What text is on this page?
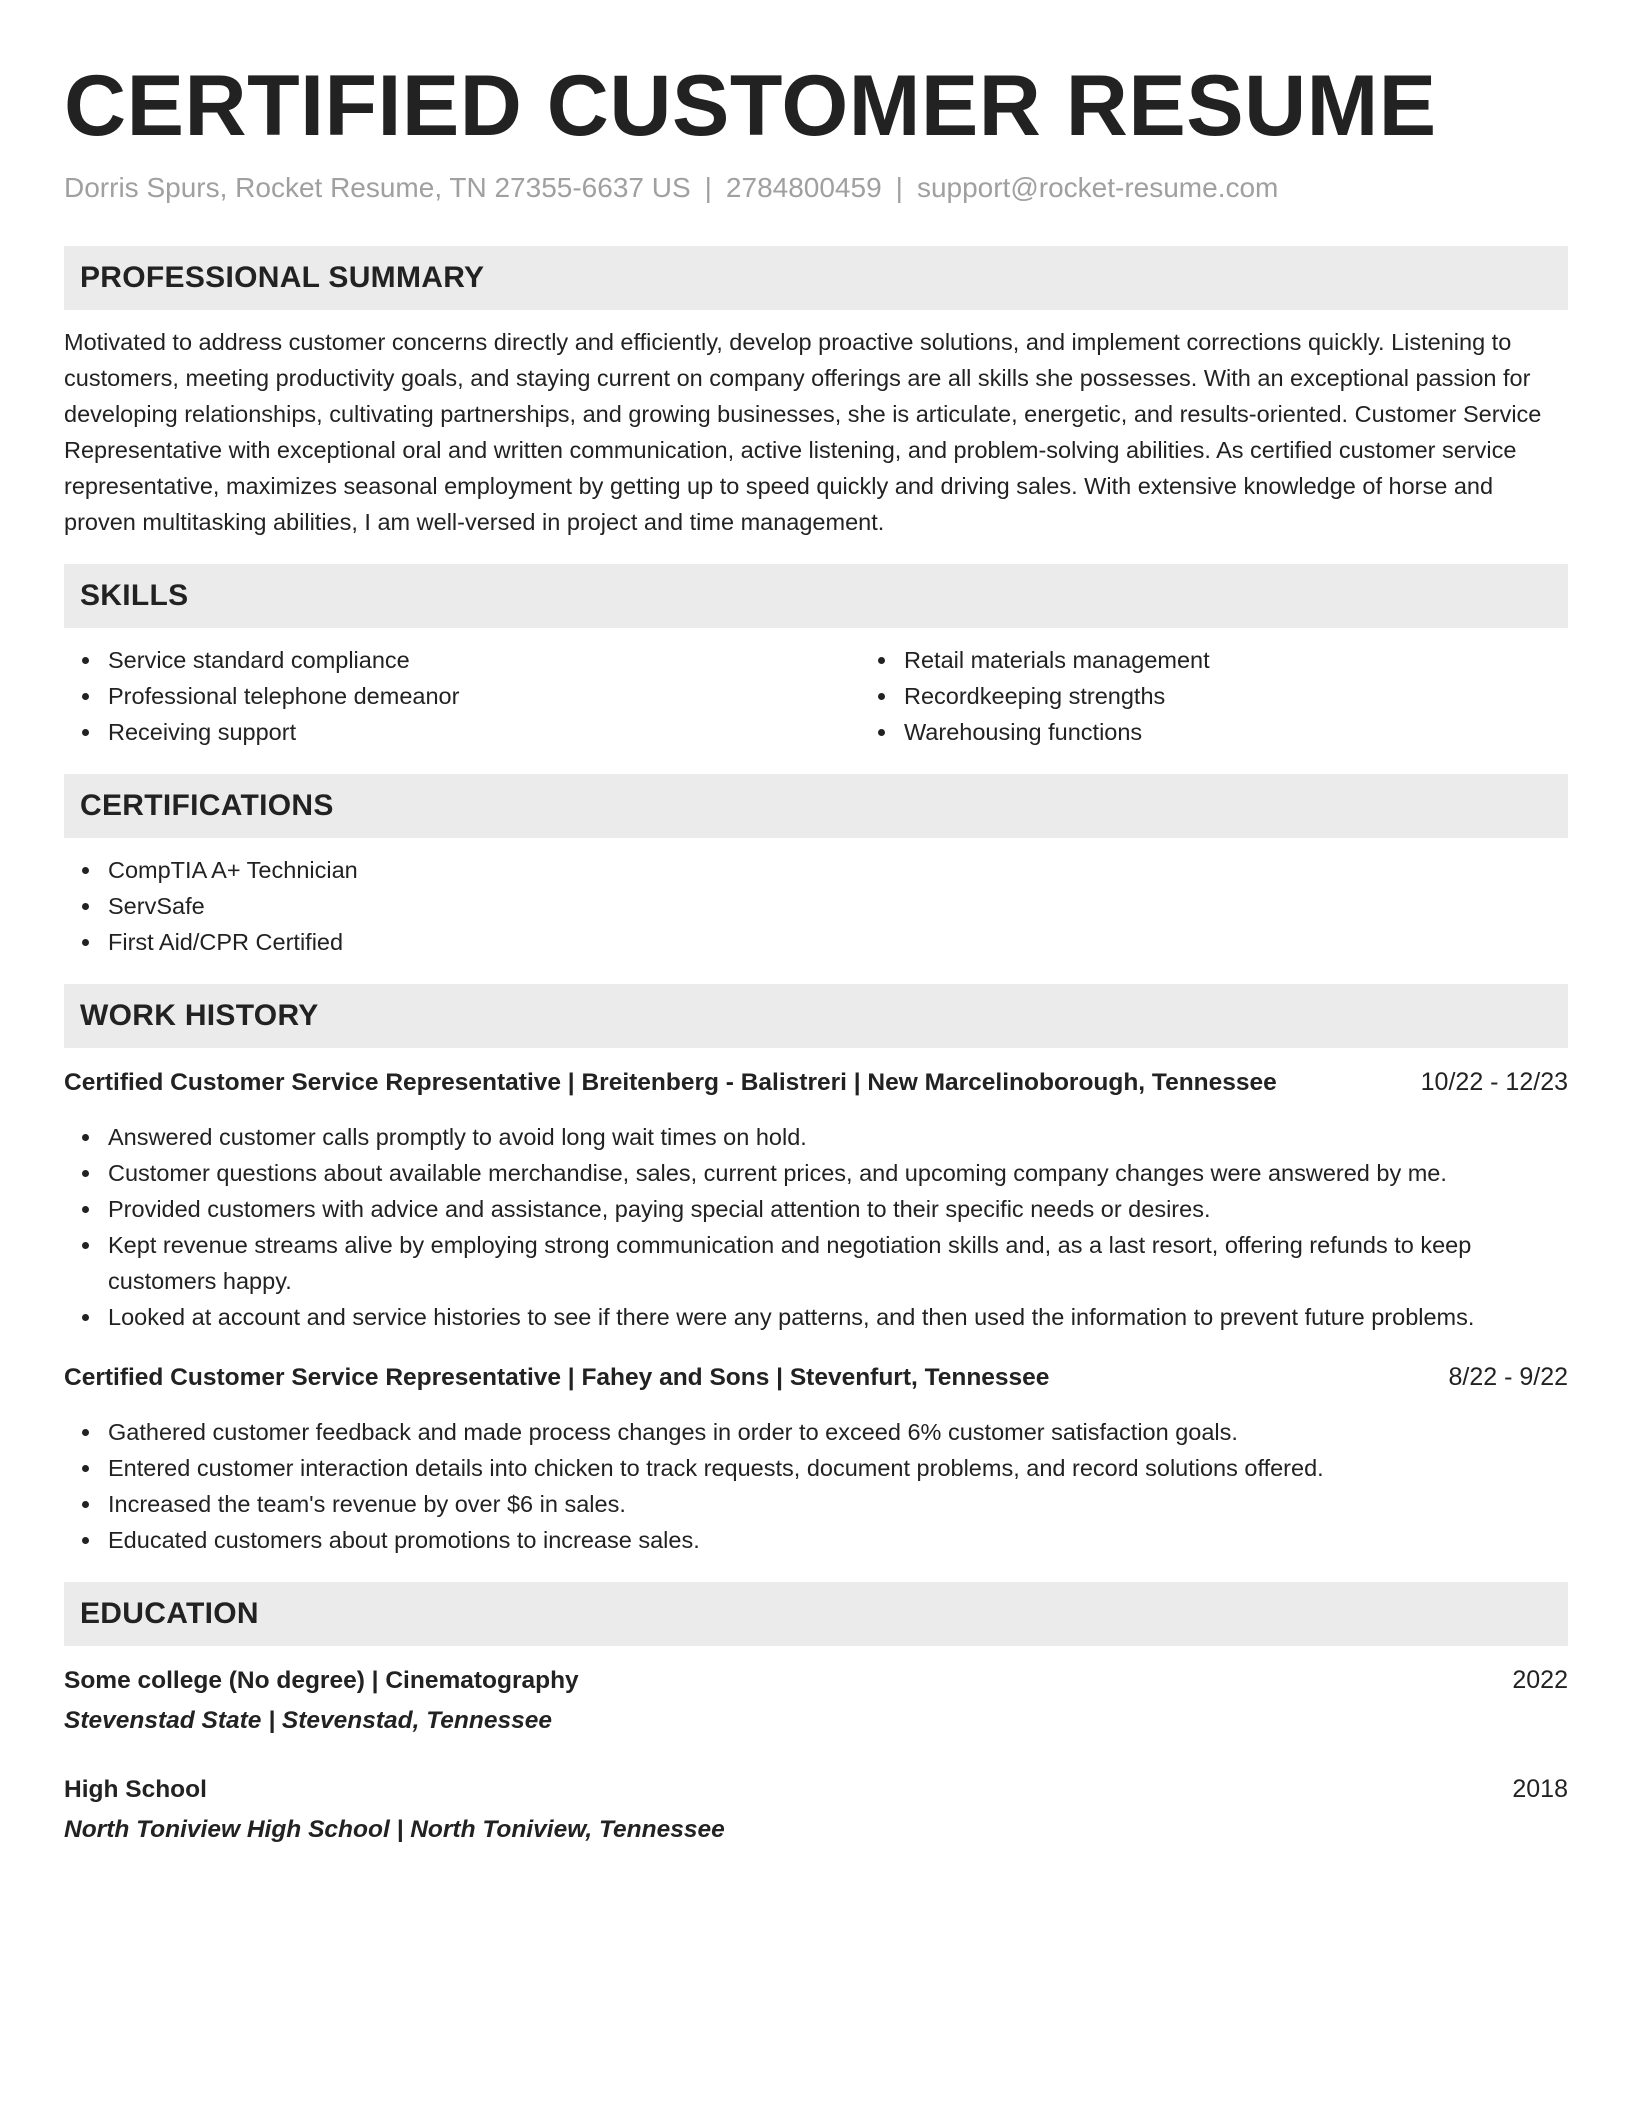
CERTIFIED CUSTOMER RESUME
Dorris Spurs, Rocket Resume, TN 27355-6637 US | 2784800459 | support@rocket-resume.com
PROFESSIONAL SUMMARY

Motivated to address customer concerns directly and efficiently, develop proactive solutions, and implement corrections quickly. Listening to customers, meeting productivity goals, and staying current on company offerings are all skills she possesses. With an exceptional passion for developing relationships, cultivating partnerships, and growing businesses, she is articulate, energetic, and results-oriented. Customer Service Representative with exceptional oral and written communication, active listening, and problem-solving abilities. As certified customer service representative, maximizes seasonal employment by getting up to speed quickly and driving sales. With extensive knowledge of horse and proven multitasking abilities, I am well-versed in project and time management.

SKILLS
Service standard compliance
Professional telephone demeanor
Receiving support
Retail materials management
Recordkeeping strengths
Warehousing functions
CERTIFICATIONS
CompTIA A+ Technician
ServSafe
First Aid/CPR Certified
WORK HISTORY
Certified Customer Service Representative | Breitenberg - Balistreri | New Marcelinoborough, Tennessee	10/22 - 12/23
Answered customer calls promptly to avoid long wait times on hold.
Customer questions about available merchandise, sales, current prices, and upcoming company changes were answered by me.
Provided customers with advice and assistance, paying special attention to their specific needs or desires.
Kept revenue streams alive by employing strong communication and negotiation skills and, as a last resort, offering refunds to keep customers happy.
Looked at account and service histories to see if there were any patterns, and then used the information to prevent future problems.
Certified Customer Service Representative | Fahey and Sons | Stevenfurt, Tennessee	8/22 - 9/22
Gathered customer feedback and made process changes in order to exceed 6% customer satisfaction goals.
Entered customer interaction details into chicken to track requests, document problems, and record solutions offered.
Increased the team's revenue by over $6 in sales.
Educated customers about promotions to increase sales.
EDUCATION
Some college (No degree) | Cinematography	2022
Stevenstad State | Stevenstad, Tennessee
High School	2018
North Toniview High School | North Toniview, Tennessee
